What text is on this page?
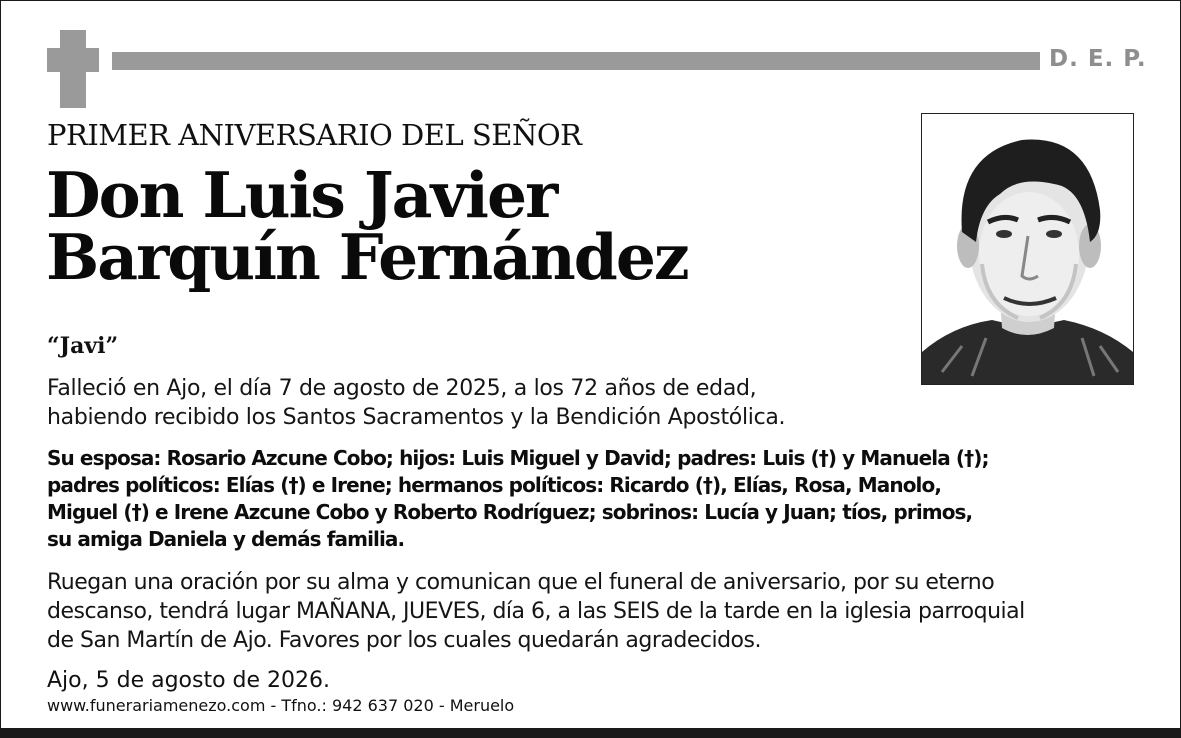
D. E. P.
PRIMER ANIVERSARIO DEL SEÑOR
Don Luis Javier
Barquín Fernández
“Javi”
Falleció en Ajo, el día 7 de agosto de 2025, a los 72 años de edad,
habiendo recibido los Santos Sacramentos y la Bendición Apostólica.
Su esposa: Rosario Azcune Cobo; hijos: Luis Miguel y David; padres: Luis (†) y Manuela (†);
padres políticos: Elías (†) e Irene; hermanos políticos: Ricardo (†), Elías, Rosa, Manolo,
Miguel (†) e Irene Azcune Cobo y Roberto Rodríguez; sobrinos: Lucía y Juan; tíos, primos,
su amiga Daniela y demás familia.
Ruegan una oración por su alma y comunican que el funeral de aniversario, por su eterno
descanso, tendrá lugar MAÑANA, JUEVES, día 6, a las SEIS de la tarde en la iglesia parroquial
de San Martín de Ajo. Favores por los cuales quedarán agradecidos.
Ajo, 5 de agosto de 2026.
www.funerariamenezo.com - Tfno.: 942 637 020 - Meruelo
